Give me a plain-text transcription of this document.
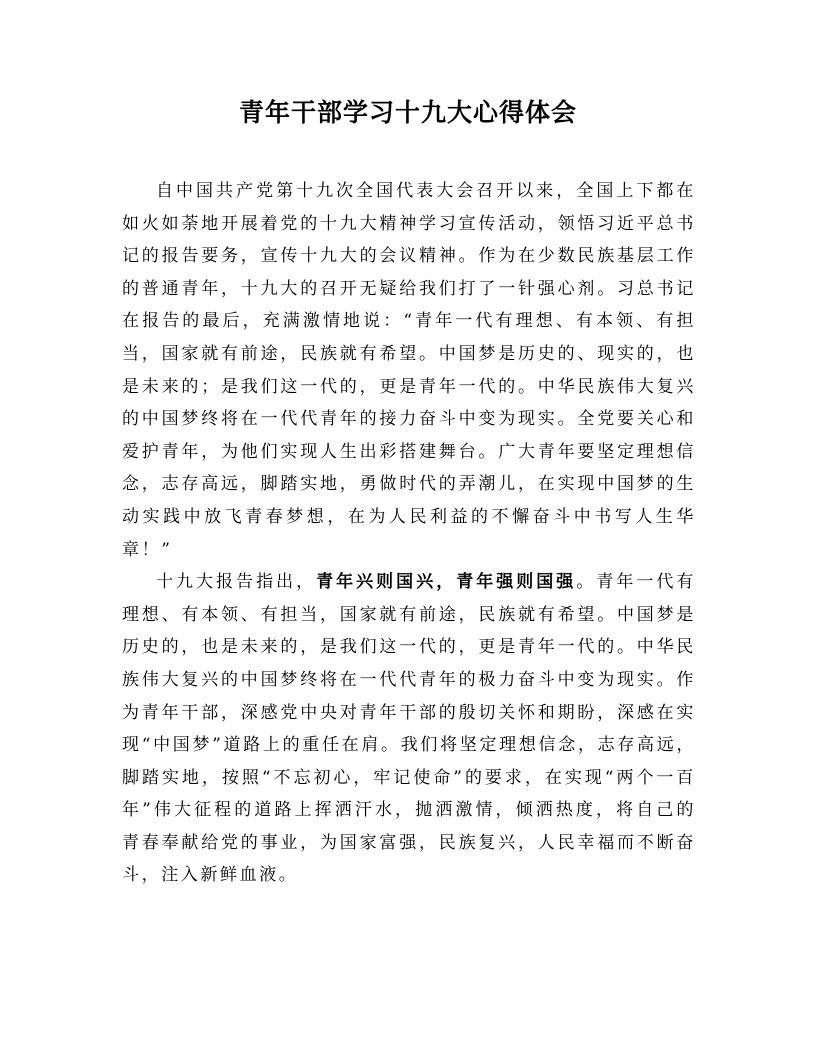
青年干部学习十九大心得体会

自中国共产党第十九次全国代表大会召开以来，全国上下都在如火如荼地开展着党的十九大精神学习宣传活动，领悟习近平总书记的报告要务，宣传十九大的会议精神。作为在少数民族基层工作的普通青年，十九大的召开无疑给我们打了一针强心剂。习总书记在报告的最后，充满激情地说：“青年一代有理想、有本领、有担当，国家就有前途，民族就有希望。中国梦是历史的、现实的，也是未来的；是我们这一代的，更是青年一代的。中华民族伟大复兴的中国梦终将在一代代青年的接力奋斗中变为现实。全党要关心和爱护青年，为他们实现人生出彩搭建舞台。广大青年要坚定理想信念，志存高远，脚踏实地，勇做时代的弄潮儿，在实现中国梦的生动实践中放飞青春梦想，在为人民利益的不懈奋斗中书写人生华章！”

十九大报告指出，青年兴则国兴，青年强则国强。青年一代有理想、有本领、有担当，国家就有前途，民族就有希望。中国梦是历史的，也是未来的，是我们这一代的，更是青年一代的。中华民族伟大复兴的中国梦终将在一代代青年的极力奋斗中变为现实。作为青年干部，深感党中央对青年干部的殷切关怀和期盼，深感在实现“中国梦”道路上的重任在肩。我们将坚定理想信念，志存高远，脚踏实地，按照“不忘初心，牢记使命”的要求，在实现“两个一百年”伟大征程的道路上挥洒汗水，抛洒激情，倾洒热度，将自己的青春奉献给党的事业，为国家富强，民族复兴，人民幸福而不断奋斗，注入新鲜血液。
